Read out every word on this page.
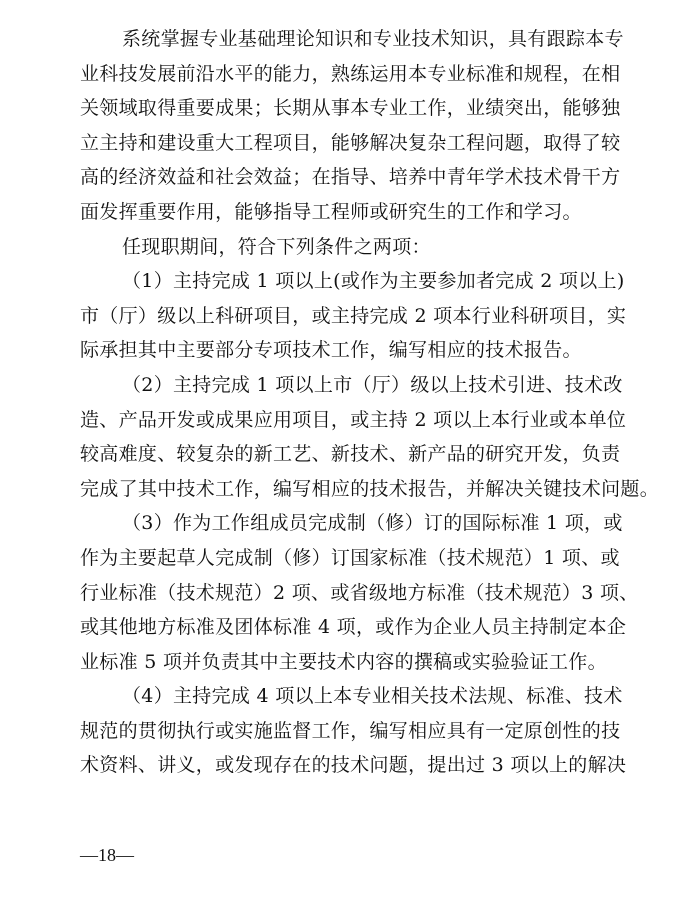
系统掌握专业基础理论知识和专业技术知识，具有跟踪本专
业科技发展前沿水平的能力，熟练运用本专业标准和规程，在相
关领域取得重要成果；长期从事本专业工作，业绩突出，能够独
立主持和建设重大工程项目，能够解决复杂工程问题，取得了较
高的经济效益和社会效益；在指导、培养中青年学术技术骨干方
面发挥重要作用，能够指导工程师或研究生的工作和学习。
任现职期间，符合下列条件之两项：
（1）主持完成 1 项以上(或作为主要参加者完成 2 项以上)
市（厅）级以上科研项目，或主持完成 2 项本行业科研项目，实
际承担其中主要部分专项技术工作，编写相应的技术报告。
（2）主持完成 1 项以上市（厅）级以上技术引进、技术改
造、产品开发或成果应用项目，或主持 2 项以上本行业或本单位
较高难度、较复杂的新工艺、新技术、新产品的研究开发，负责
完成了其中技术工作，编写相应的技术报告，并解决关键技术问题。
（3）作为工作组成员完成制（修）订的国际标准 1 项，或
作为主要起草人完成制（修）订国家标准（技术规范）1 项、或
行业标准（技术规范）2 项、或省级地方标准（技术规范）3 项、
或其他地方标准及团体标准 4 项，或作为企业人员主持制定本企
业标准 5 项并负责其中主要技术内容的撰稿或实验验证工作。
（4）主持完成 4 项以上本专业相关技术法规、标准、技术
规范的贯彻执行或实施监督工作，编写相应具有一定原创性的技
术资料、讲义，或发现存在的技术问题，提出过 3 项以上的解决
—18—
